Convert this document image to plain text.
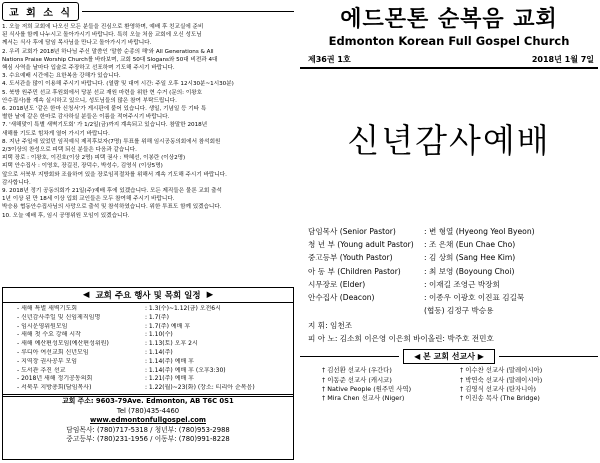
교 회 소 식

1. 오늘 저희 교회에 나오신 모든 분들을 진심으로 환영하며, 예배 후 친교실에 준비

된 식사를 함께 나누시고 돌아가시기 바랍니다. 특히 오늘 처음 교회에 오신 성도님

께서는 식사 후에 담임 목사님을 만나고 돌아가시기 바랍니다.

2. 우리 교회가 2018년 하나님 주신 말씀인 '말씀 순종의 해'와 All Generations & All

Nations Praise Worship Church를 바라보며, 교회 50대 Slogans와 50대 비전과 4대

핵심 사역을 날마다 입술로 주장하고 선포하며 기도해 주시기 바랍니다.

3. 수요예배 시간에는 요한복음 강해가 있습니다.

4. 도서관을 많이 이용해 주시기 바랍니다. (열람 및 대여 시간: 주일 오후 12시30분~1시30분)

5. 북방 원주민 선교 후원회에서 당분 선교 재원 마련을 위한 현 수거 (문의: 이왕호

안수집사)를 계속 실시하고 있으니, 성도님들의 많은 참여 부탁드립니다.

6. 2018년도 '같은 한마 신청서'가 게시판에 붙어 있습니다. 생일, 기념일 등 기타 특

별한 날에 같은 한마로 감사하실 분들은 이름을 적어주시기 바랍니다.

7. '새해맞이 특별 새벽기도회' 가 1/2일(금)까지 계속되고 있습니다. 참말한 2018년

새해를 기도로 힘차게 열어 가시기 바랍니다.

8. 지난 주일에 있었던 임직예식 제직후보자(7명) 투표를 위해 임시공동의회에서 참석회원

2/3이상의 찬성으로 피택 되신 분들은 다음과 같습니다.

피택 장로 : 이왕호, 이진호(이상 2명) 피택 권사 : 박혜선, 이봉란 (이상2명)

피택 안수집사 : 이영호, 장길진, 장덕수, 박성수, 김영식 (이상5명)

앞으로 서북부 지방회와 조율하여 있을 장로임직절차를 위해서 계속 기도해 주시기 바랍니다.

감사합니다.

9. 2018년 정기 공동의회가 21일(주)예배 후에 있겠습니다. 모든 제직들은 물론 교회 출석

1년 이상 된 만 18세 이상 입회 교인들은 모두 참여해 주시기 바랍니다.

박승용 협동안수집사님의 사망으로 출석 및 참석하였습니다. 위한 투표도 함께 있겠습니다.

10. 오늘 예배 후, 임시 공명위원 모임이 있겠습니다.

◀ 교회 주요 행사 및 목회 일정 ▶
- 새해 특별 새벽기도회	: 1.3(수)~1.12(금) 오전6시
- 신년감사주일 및 신임제직임명	: 1.7(주)
- 임시운영위원모임	: 1.7(주) 예배 후
- 새해 첫 수요 강해 시작	: 1.10(수)
- 새해 예산편성모임(예산편성위원)	: 1.13(토) 오후 2시
- 루디아 여선교회 신년모임	: 1.14(주)
- 지역장 권사공부 모임	: 1.14(주) 예배 후
- 도서관 추진 선교	: 1.14(주) 예배 후 (오후3:30)
- 2018년 새해 정기공동의회	: 1.21(주) 예배 후
- 서북부 지방총회(담임목사)	: 1.22(월)~23(화) (장소: 티리아 순복음)
교회 주소: 9603-79Ave. Edmonton, AB T6C 0S1
Tel (780)435-4460
www.edmontonfullgospel.com
담임목사: (780)717-5318 / 청년부: (780)953-2988
중고등부: (780)231-1956 / 이동부: (780)991-8228
에드몬톤 순복음 교회
Edmonton Korean Full Gospel Church
제36권 1호	2018년 1월 7일
신년감사예배
담임목사 (Senior Pastor)	: 변 형열 (Hyeong Yeol Byeon)
청 년 부 (Young adult Pastor)	: 조 은채 (Eun Chae Cho)
중고등부 (Youth Pastor)	: 김 상희 (Sang Hee Kim)
아 동 부 (Children Pastor)	: 최 보영 (Boyoung Choi)
시무장로 (Elder)	: 이재길 조영근 박장희
안수집사 (Deacon)	: 이종우 이광호 이진표 김길묵
(협동) 김정구 박승용

지 휘: 임천조

피 아 노: 김소희 이은영 이은희 바이올린: 박주호 전민호

◀ 본 교회 선교사 ▶
† 김선환 선교사 (우간다)	† 이수찬 선교사 (말레이시아)
† 이동준 선교사 (캐시코)	† 박연숙 선교사 (말레이시아)
† Native People (원주민 사역)	† 김영식 선교사 (탄자니아)
† Mira Chen 선교사 (Niger)	† 이진송 목사 (The Bridge)
